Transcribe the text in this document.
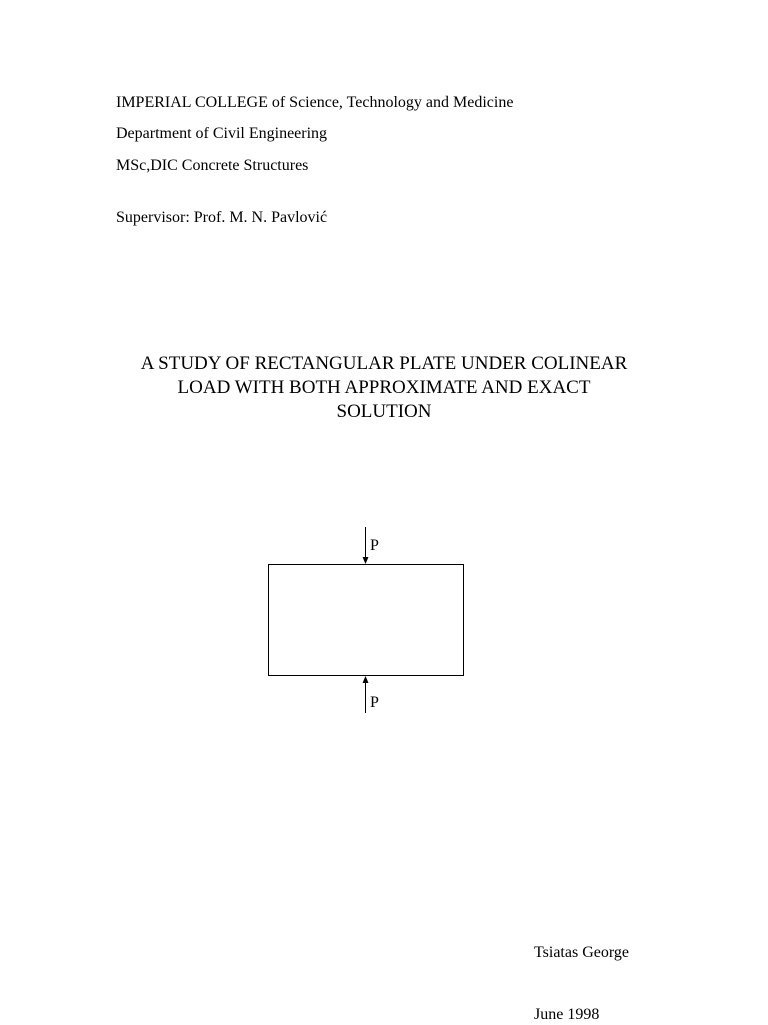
IMPERIAL COLLEGE of Science, Technology and Medicine
Department of Civil Engineering
MSc,DIC Concrete Structures
Supervisor: Prof. M. N. Pavlović
A STUDY OF RECTANGULAR PLATE UNDER COLINEAR
LOAD WITH BOTH APPROXIMATE AND EXACT
SOLUTION
P
P
Tsiatas George
June 1998
